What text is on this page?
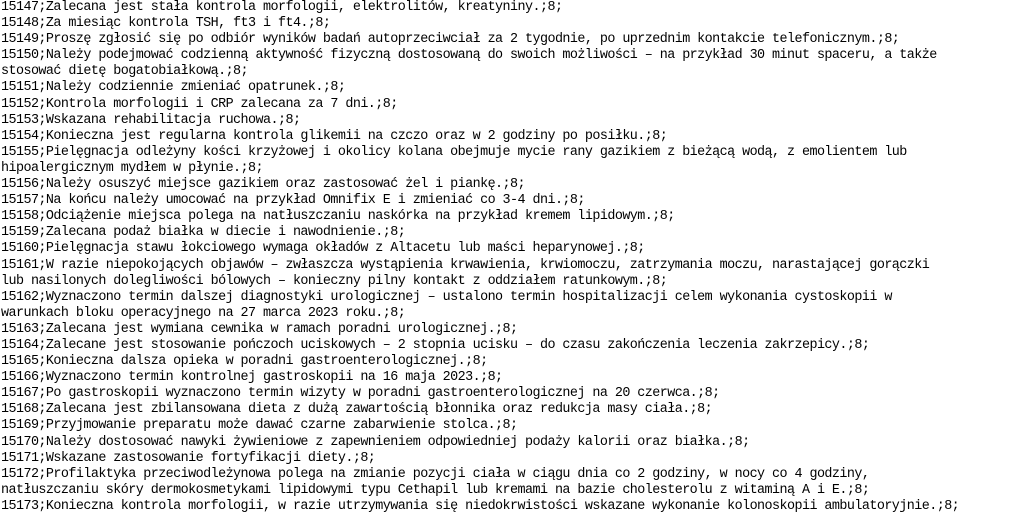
15147;Zalecana jest stała kontrola morfologii, elektrolitów, kreatyniny.;8;
15148;Za miesiąc kontrola TSH, ft3 i ft4.;8;
15149;Proszę zgłosić się po odbiór wyników badań autoprzeciwciał za 2 tygodnie, po uprzednim kontakcie telefonicznym.;8;
15150;Należy podejmować codzienną aktywność fizyczną dostosowaną do swoich możliwości – na przykład 30 minut spaceru, a także
stosować dietę bogatobiałkową.;8;
15151;Należy codziennie zmieniać opatrunek.;8;
15152;Kontrola morfologii i CRP zalecana za 7 dni.;8;
15153;Wskazana rehabilitacja ruchowa.;8;
15154;Konieczna jest regularna kontrola glikemii na czczo oraz w 2 godziny po posiłku.;8;
15155;Pielęgnacja odleżyny kości krzyżowej i okolicy kolana obejmuje mycie rany gazikiem z bieżącą wodą, z emolientem lub
hipoalergicznym mydłem w płynie.;8;
15156;Należy osuszyć miejsce gazikiem oraz zastosować żel i piankę.;8;
15157;Na końcu należy umocować na przykład Omnifix E i zmieniać co 3-4 dni.;8;
15158;Odciążenie miejsca polega na natłuszczaniu naskórka na przykład kremem lipidowym.;8;
15159;Zalecana podaż białka w diecie i nawodnienie.;8;
15160;Pielęgnacja stawu łokciowego wymaga okładów z Altacetu lub maści heparynowej.;8;
15161;W razie niepokojących objawów – zwłaszcza wystąpienia krwawienia, krwiomoczu, zatrzymania moczu, narastającej gorączki
lub nasilonych dolegliwości bólowych – konieczny pilny kontakt z oddziałem ratunkowym.;8;
15162;Wyznaczono termin dalszej diagnostyki urologicznej – ustalono termin hospitalizacji celem wykonania cystoskopii w
warunkach bloku operacyjnego na 27 marca 2023 roku.;8;
15163;Zalecana jest wymiana cewnika w ramach poradni urologicznej.;8;
15164;Zalecane jest stosowanie pończoch uciskowych – 2 stopnia ucisku – do czasu zakończenia leczenia zakrzepicy.;8;
15165;Konieczna dalsza opieka w poradni gastroenterologicznej.;8;
15166;Wyznaczono termin kontrolnej gastroskopii na 16 maja 2023.;8;
15167;Po gastroskopii wyznaczono termin wizyty w poradni gastroenterologicznej na 20 czerwca.;8;
15168;Zalecana jest zbilansowana dieta z dużą zawartością błonnika oraz redukcja masy ciała.;8;
15169;Przyjmowanie preparatu może dawać czarne zabarwienie stolca.;8;
15170;Należy dostosować nawyki żywieniowe z zapewnieniem odpowiedniej podaży kalorii oraz białka.;8;
15171;Wskazane zastosowanie fortyfikacji diety.;8;
15172;Profilaktyka przeciwodleżynowa polega na zmianie pozycji ciała w ciągu dnia co 2 godziny, w nocy co 4 godziny,
natłuszczaniu skóry dermokosmetykami lipidowymi typu Cethapil lub kremami na bazie cholesterolu z witaminą A i E.;8;
15173;Konieczna kontrola morfologii, w razie utrzymywania się niedokrwistości wskazane wykonanie kolonoskopii ambulatoryjnie.;8;
